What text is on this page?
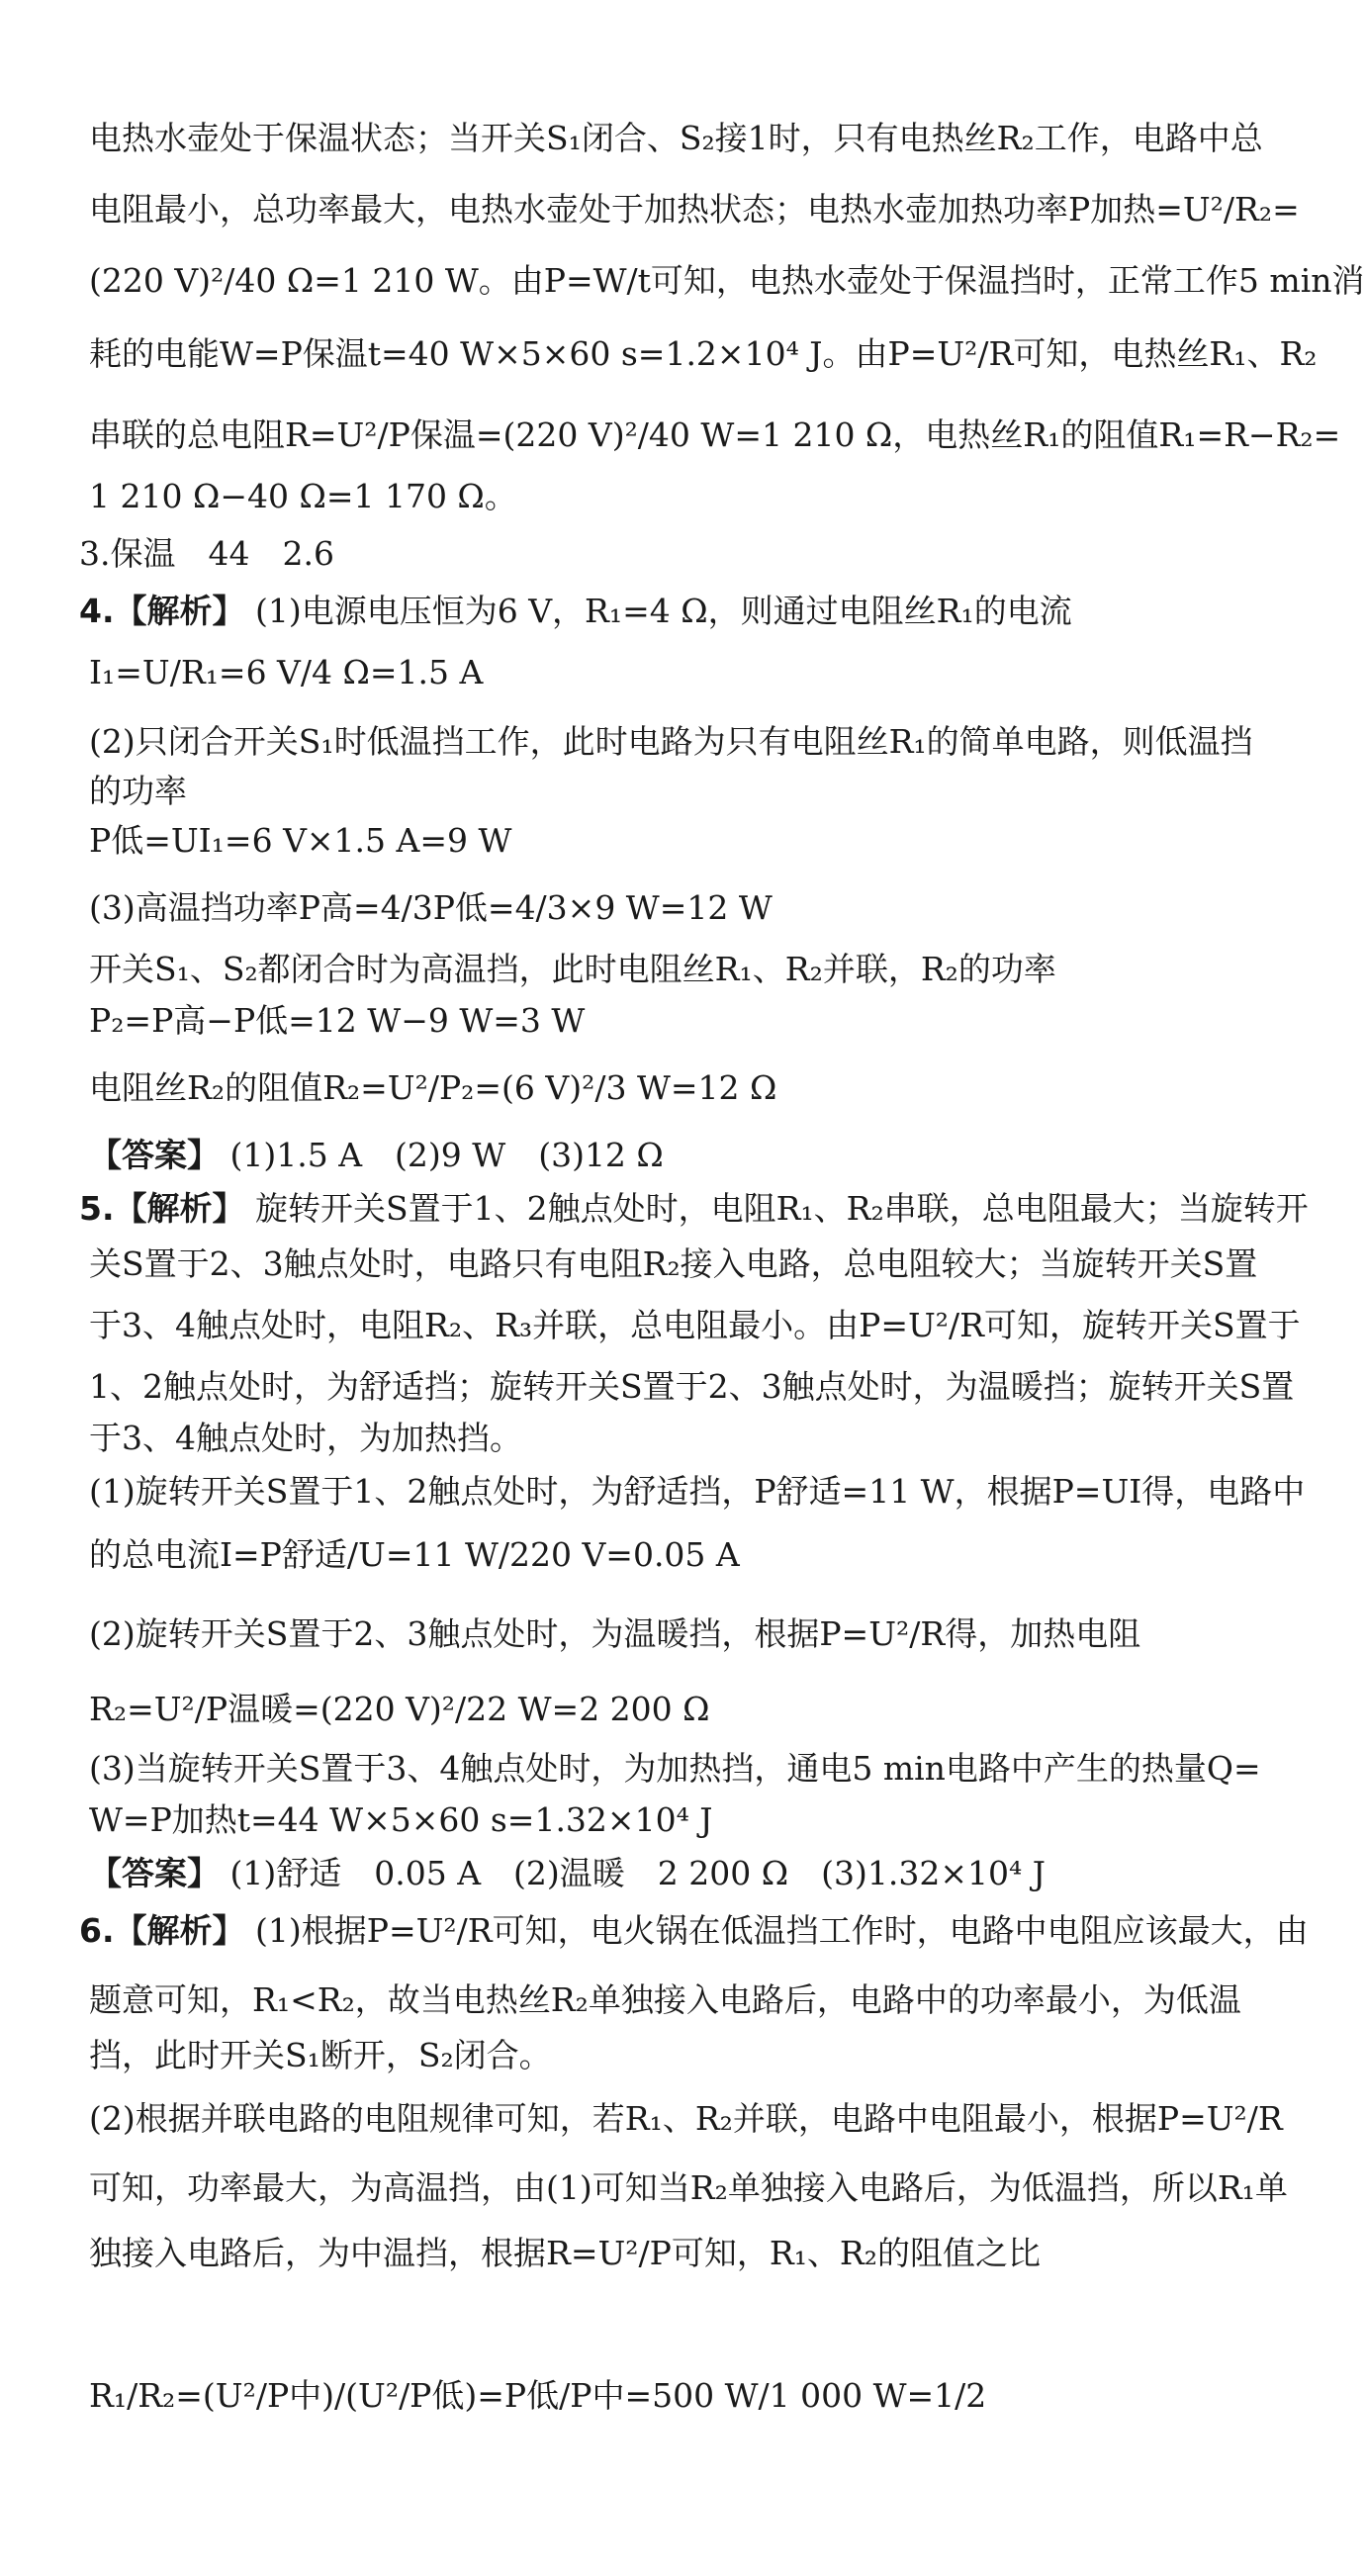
电热水壶处于保温状态；当开关S₁闭合、S₂接1时，只有电热丝R₂工作，电路中总
电阻最小，总功率最大，电热水壶处于加热状态；电热水壶加热功率P加热=U²/R₂=
(220 V)²/40 Ω=1 210 W。由P=W/t可知，电热水壶处于保温挡时，正常工作5 min消
耗的电能W=P保温t=40 W×5×60 s=1.2×10⁴ J。由P=U²/R可知，电热丝R₁、R₂
串联的总电阻R=U²/P保温=(220 V)²/40 W=1 210 Ω，电热丝R₁的阻值R₁=R−R₂=
1 210 Ω−40 Ω=1 170 Ω。
3.保温　44　2.6
4.【解析】 (1)电源电压恒为6 V，R₁=4 Ω，则通过电阻丝R₁的电流
I₁=U/R₁=6 V/4 Ω=1.5 A
(2)只闭合开关S₁时低温挡工作，此时电路为只有电阻丝R₁的简单电路，则低温挡
的功率
P低=UI₁=6 V×1.5 A=9 W
(3)高温挡功率P高=4/3P低=4/3×9 W=12 W
开关S₁、S₂都闭合时为高温挡，此时电阻丝R₁、R₂并联，R₂的功率
P₂=P高−P低=12 W−9 W=3 W
电阻丝R₂的阻值R₂=U²/P₂=(6 V)²/3 W=12 Ω
【答案】 (1)1.5 A　(2)9 W　(3)12 Ω
5.【解析】 旋转开关S置于1、2触点处时，电阻R₁、R₂串联，总电阻最大；当旋转开
关S置于2、3触点处时，电路只有电阻R₂接入电路，总电阻较大；当旋转开关S置
于3、4触点处时，电阻R₂、R₃并联，总电阻最小。由P=U²/R可知，旋转开关S置于
1、2触点处时，为舒适挡；旋转开关S置于2、3触点处时，为温暖挡；旋转开关S置
于3、4触点处时，为加热挡。
(1)旋转开关S置于1、2触点处时，为舒适挡，P舒适=11 W，根据P=UI得，电路中
的总电流I=P舒适/U=11 W/220 V=0.05 A
(2)旋转开关S置于2、3触点处时，为温暖挡，根据P=U²/R得，加热电阻
R₂=U²/P温暖=(220 V)²/22 W=2 200 Ω
(3)当旋转开关S置于3、4触点处时，为加热挡，通电5 min电路中产生的热量Q=
W=P加热t=44 W×5×60 s=1.32×10⁴ J
【答案】 (1)舒适　0.05 A　(2)温暖　2 200 Ω　(3)1.32×10⁴ J
6.【解析】 (1)根据P=U²/R可知，电火锅在低温挡工作时，电路中电阻应该最大，由
题意可知，R₁<R₂，故当电热丝R₂单独接入电路后，电路中的功率最小，为低温
挡，此时开关S₁断开，S₂闭合。
(2)根据并联电路的电阻规律可知，若R₁、R₂并联，电路中电阻最小，根据P=U²/R
可知，功率最大，为高温挡，由(1)可知当R₂单独接入电路后，为低温挡，所以R₁单
独接入电路后，为中温挡，根据R=U²/P可知，R₁、R₂的阻值之比
R₁/R₂=(U²/P中)/(U²/P低)=P低/P中=500 W/1 000 W=1/2
